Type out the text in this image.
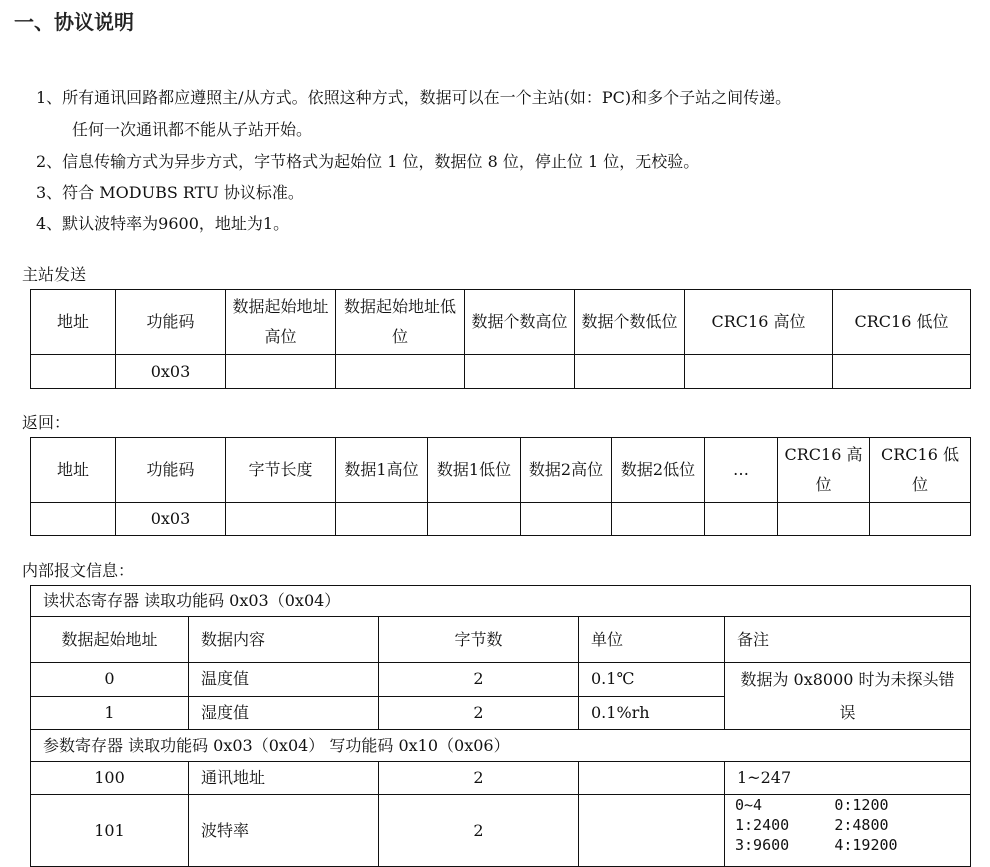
一、协议说明
1、所有通讯回路都应遵照主/从方式。依照这种方式，数据可以在一个主站(如：PC)和多个子站之间传递。
任何一次通讯都不能从子站开始。
2、信息传输方式为异步方式，字节格式为起始位 1 位，数据位 8 位，停止位 1 位，无校验。
3、符合 MODUBS RTU 协议标准。
4、默认波特率为9600，地址为1。
主站发送
地址	功能码	数据起始地址高位	数据起始地址低位	数据个数高位	数据个数低位	CRC16 高位	CRC16 低位
	0x03						
返回：
地址	功能码	字节长度	数据1高位	数据1低位	数据2高位	数据2低位	…	CRC16 高位	CRC16 低位
	0x03								
内部报文信息：
读状态寄存器 读取功能码 0x03（0x04）				
数据起始地址	数据内容	字节数	单位	备注
0	温度值	2	0.1℃	数据为 0x8000 时为未探头错误
1	湿度值	2	0.1%rh	
参数寄存器 读取功能码 0x03（0x04） 写功能码 0x10（0x06）				
100	通讯地址	2		1~247
101	波特率	2		0~4        0:1200
1:2400     2:4800
3:9600     4:19200
